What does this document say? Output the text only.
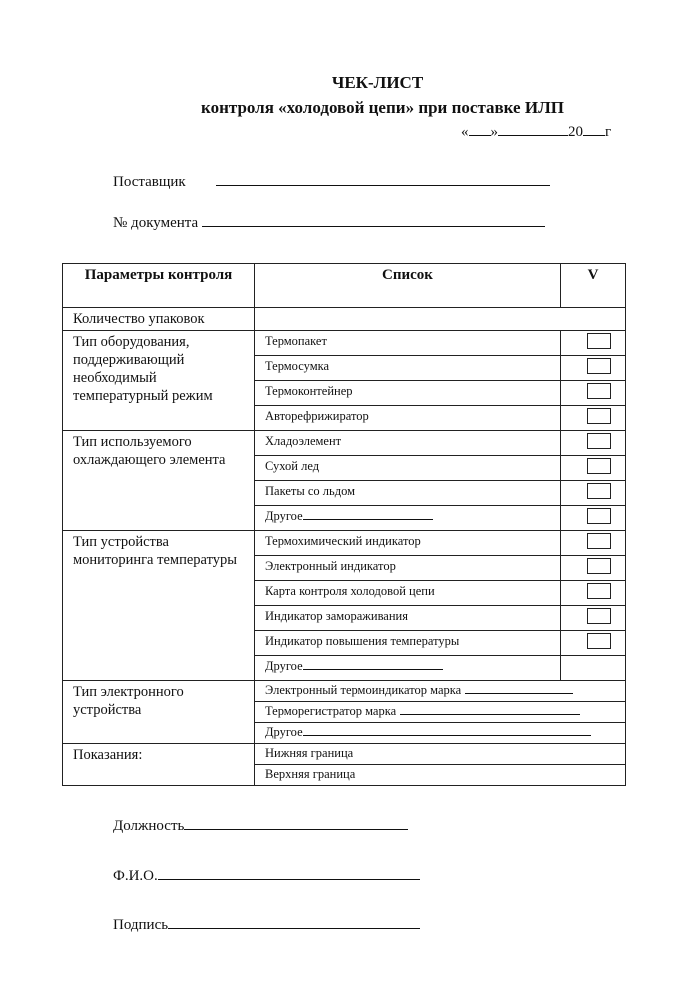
ЧЕК-ЛИСТ
контроля «холодовой цепи» при поставке ИЛП
« »	20 г
Поставщик
№ документа
Параметры контроля	Список	V
Количество упаковок		
Тип оборудования, поддерживающий необходимый температурный режим	Термопакет	
	Термосумка	
	Термоконтейнер	
	Авторефрижиратор	
Тип используемого охлаждающего элемента	Хладоэлемент	
	Сухой лед	
	Пакеты со льдом	
	Другое	
Тип устройства мониторинга температуры	Термохимический индикатор	
	Электронный индикатор	
	Карта контроля холодовой цепи	
	Индикатор замораживания	
	Индикатор повышения температуры	
	Другое	
Тип электронного устройства	Электронный термоиндикатор марка	
	Терморегистратор марка	
	Другое	
Показания:	Нижняя граница	
	Верхняя граница	
Должность
Ф.И.О.
Подпись
